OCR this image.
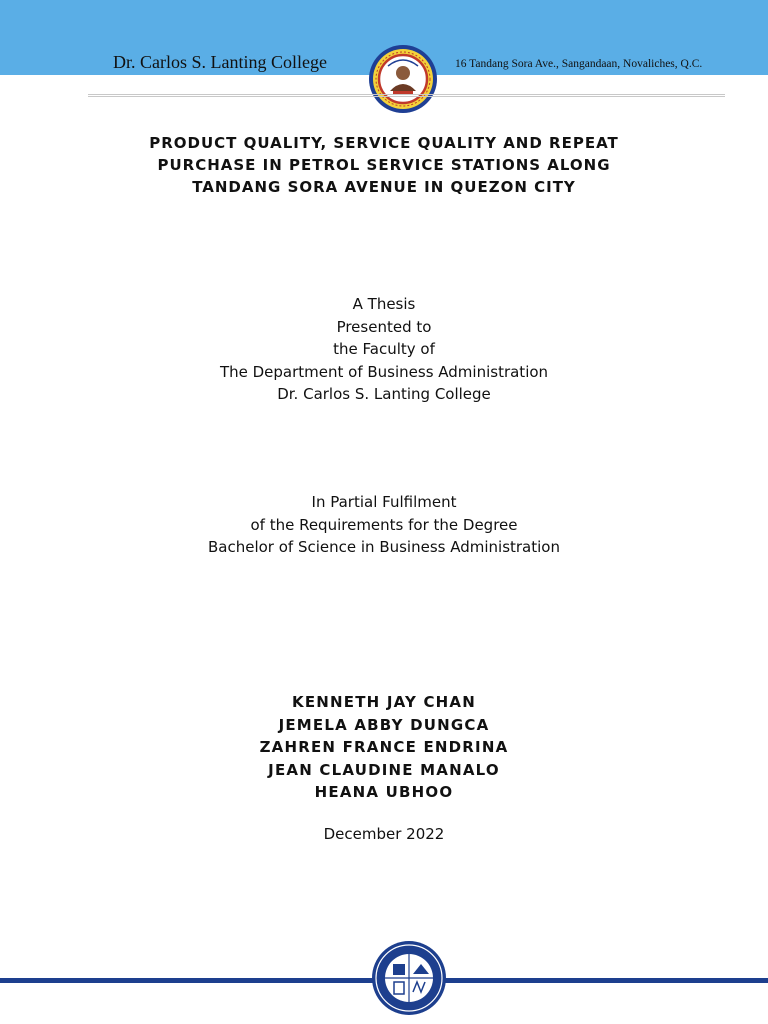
Dr. Carlos S. Lanting College	16 Tandang Sora Ave., Sangandaan, Novaliches, Q.C.
PRODUCT QUALITY, SERVICE QUALITY AND REPEAT
PURCHASE IN PETROL SERVICE STATIONS ALONG
TANDANG SORA AVENUE IN QUEZON CITY
A Thesis
Presented to
the Faculty of
The Department of Business Administration
Dr. Carlos S. Lanting College
In Partial Fulfilment
of the Requirements for the Degree
Bachelor of Science in Business Administration
KENNETH JAY CHAN
JEMELA ABBY DUNGCA
ZAHREN FRANCE ENDRINA
JEAN CLAUDINE MANALO
HEANA UBHOO
December 2022
